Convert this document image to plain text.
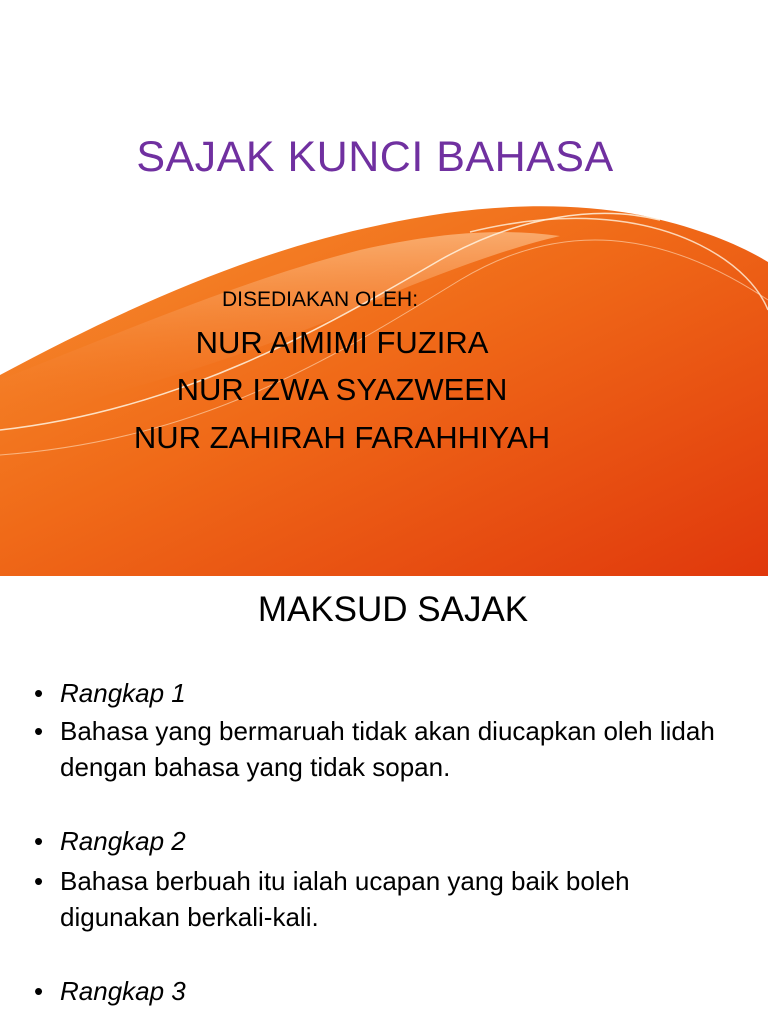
SAJAK KUNCI BAHASA
DISEDIAKAN OLEH:
NUR AIMIMI FUZIRA
NUR IZWA SYAZWEEN
NUR ZAHIRAH FARAHHIYAH
MAKSUD SAJAK
• Rangkap 1
• Bahasa yang bermaruah tidak akan diucapkan oleh lidah dengan bahasa yang tidak sopan.
• Rangkap 2
• Bahasa berbuah itu ialah ucapan yang baik boleh digunakan berkali-kali.
• Rangkap 3
